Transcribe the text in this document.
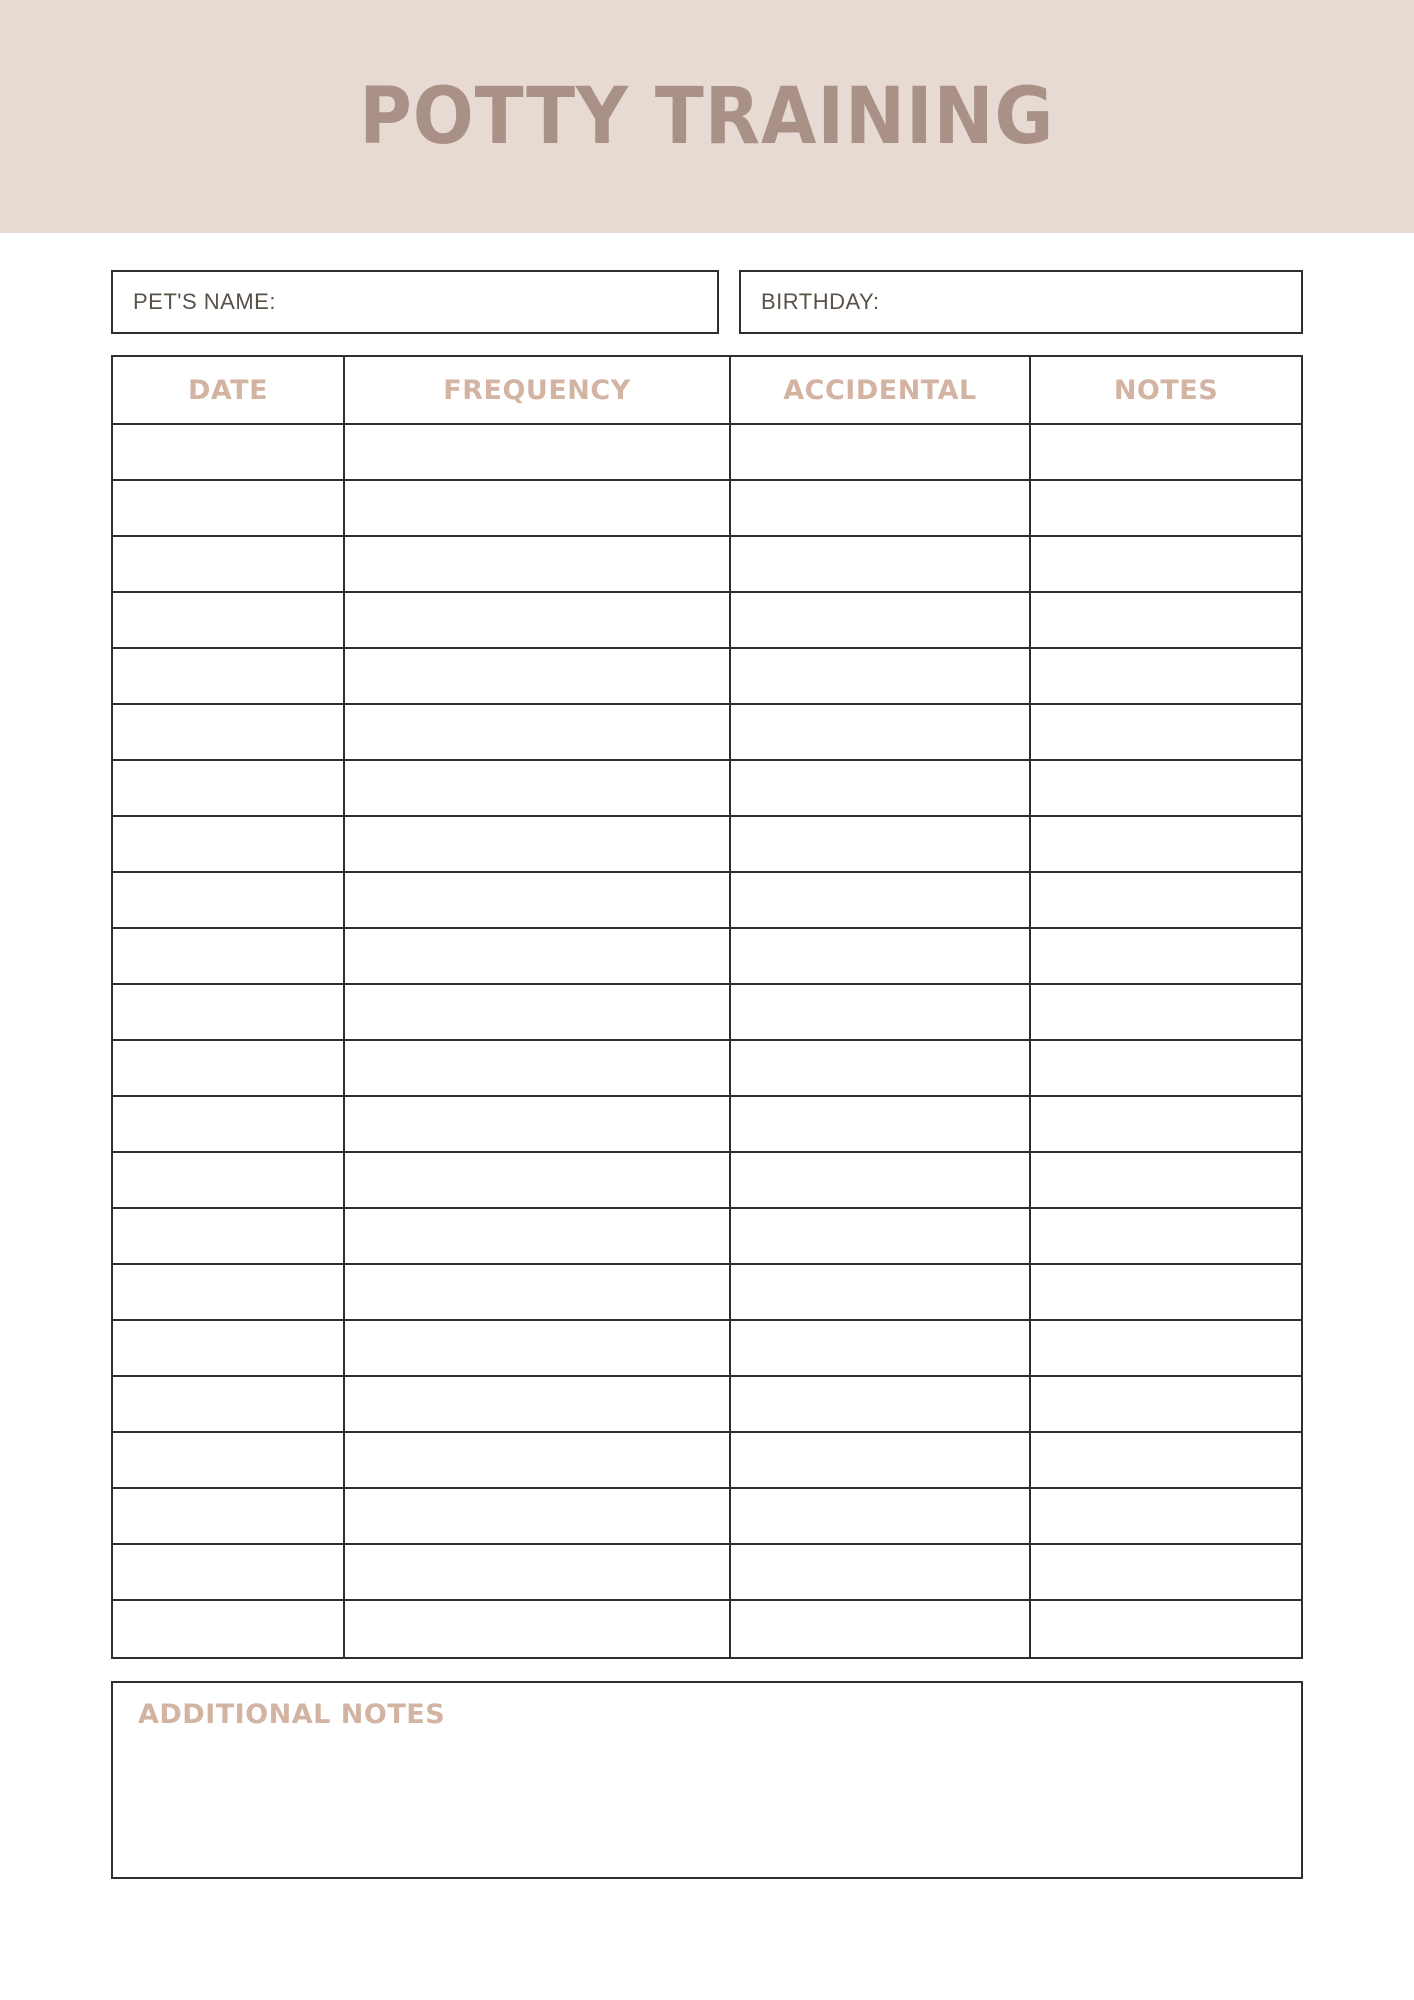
POTTY TRAINING
PET'S NAME:	BIRTHDAY:
DATE	FREQUENCY	ACCIDENTAL	NOTES
ADDITIONAL NOTES
